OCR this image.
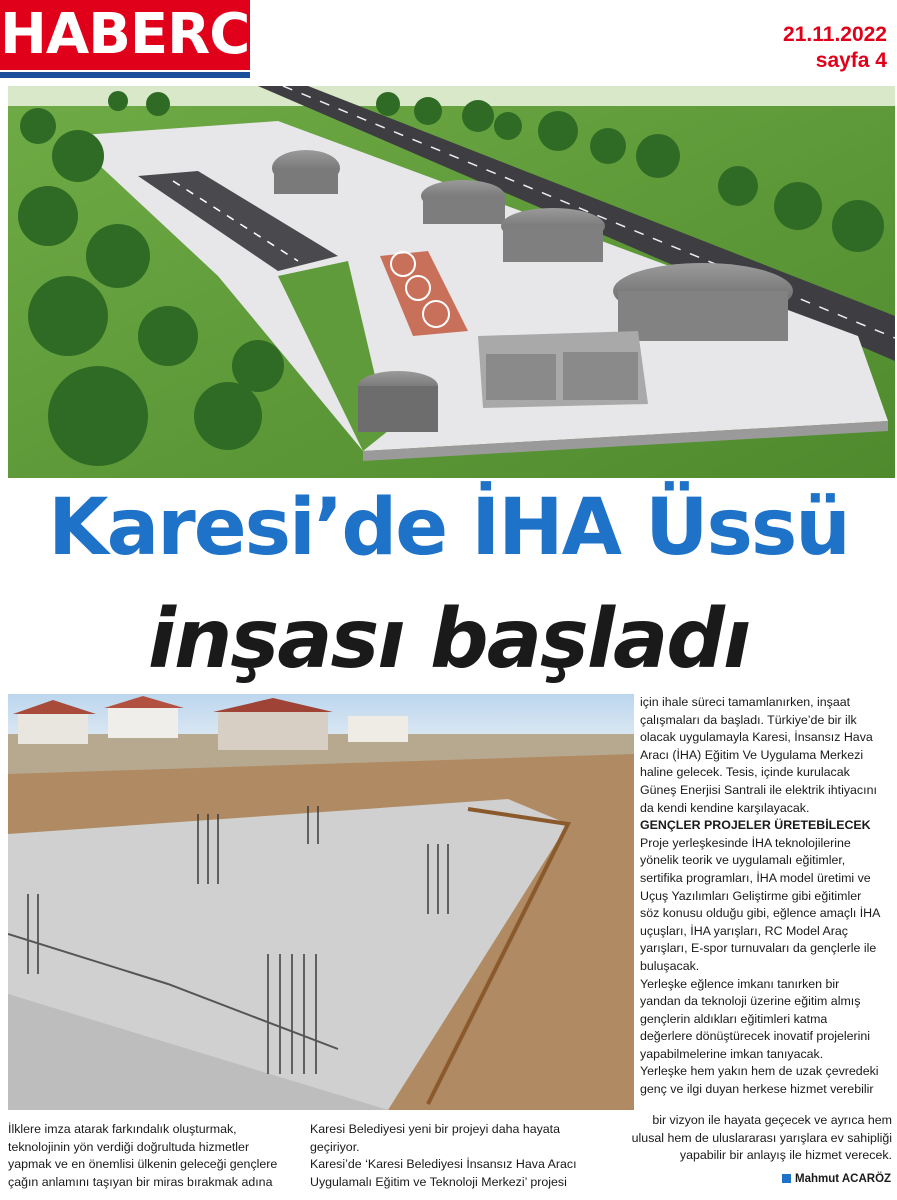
HABERCİ	21.11.2022
sayfa 4
Karesi’de İHA Üssü
inşası başladı

için ihale süreci tamamlanırken, inşaat

çalışmaları da başladı. Türkiye’de bir ilk

olacak uygulamayla Karesi, İnsansız Hava

Aracı (İHA) Eğitim Ve Uygulama Merkezi

haline gelecek. Tesis, içinde kurulacak

Güneş Enerjisi Santrali ile elektrik ihtiyacını

da kendi kendine karşılayacak.

GENÇLER PROJELER ÜRETEBİLECEK

Proje yerleşkesinde İHA teknolojilerine

yönelik teorik ve uygulamalı eğitimler,

sertifika programları, İHA model üretimi ve

Uçuş Yazılımları Geliştirme gibi eğitimler

söz konusu olduğu gibi, eğlence amaçlı İHA

uçuşları, İHA yarışları, RC Model Araç

yarışları, E-spor turnuvaları da gençlerle ile

buluşacak.

Yerleşke eğlence imkanı tanırken bir

yandan da teknoloji üzerine eğitim almış

gençlerin aldıkları eğitimleri katma

değerlere dönüştürecek inovatif projelerini

yapabilmelerine imkan tanıyacak.

Yerleşke hem yakın hem de uzak çevredeki

genç ve ilgi duyan herkese hizmet verebilir

bir vizyon ile hayata geçecek ve ayrıca hem

ulusal hem de uluslararası yarışlara ev sahipliği

yapabilir bir anlayış ile hizmet verecek.

İlklere imza atarak farkındalık oluşturmak,

teknolojinin yön verdiği doğrultuda hizmetler

yapmak ve en önemlisi ülkenin geleceği gençlere

çağın anlamını taşıyan bir miras bırakmak adına

Karesi Belediyesi yeni bir projeyi daha hayata

geçiriyor.

Karesi’de ‘Karesi Belediyesi İnsansız Hava Aracı

Uygulamalı Eğitim ve Teknoloji Merkezi’ projesi	Mahmut ACARÖZ
